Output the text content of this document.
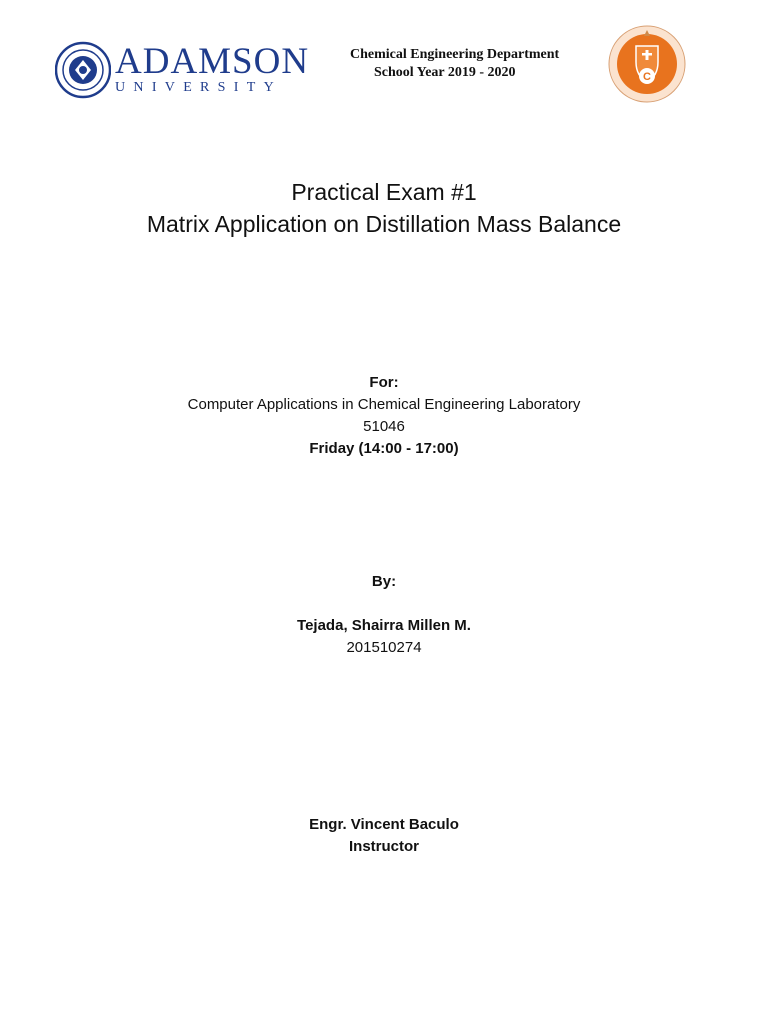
ADAMSON
UNIVERSITY
Chemical Engineering Department
School Year 2019 - 2020	C
Practical Exam #1
Matrix Application on Distillation Mass Balance
For:
Computer Applications in Chemical Engineering Laboratory
51046
Friday (14:00 - 17:00)
By:
Tejada, Shairra Millen M.
201510274
Engr. Vincent Baculo
Instructor
